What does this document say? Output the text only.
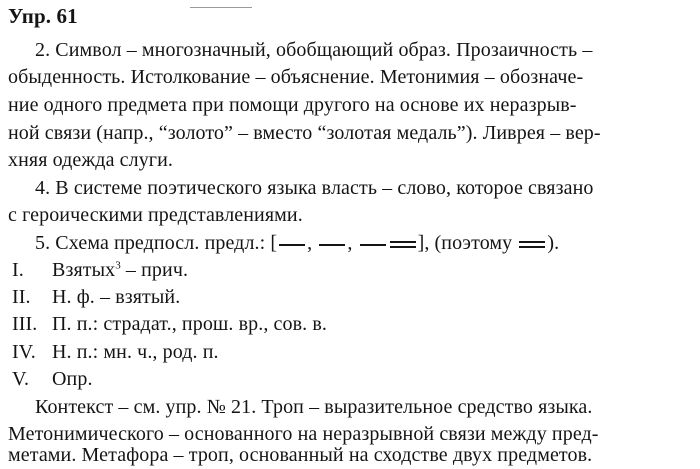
Упр. 61
2. Символ – многозначный, обобщающий образ. Прозаичность –
обыденность. Истолкование – объяснение. Метонимия – обозначе-
ние одного предмета при помощи другого на основе их неразрыв-
ной связи (напр., “золото” – вместо “золотая медаль”). Ливрея – вер-
хняя одежда слуги.
4. В системе поэтического языка власть – слово, которое связано
с героическими представлениями.
5. Схема предпосл. предл.: [ ,
,	], (поэтому
).
I. Взятых$^3$ – прич.
II. Н. ф. – взятый.
III. П. п.: страдат., прош. вр., сов. в.
IV. Н. п.: мн. ч., род. п.
V. Опр.
Контекст – см. упр. № 21. Троп – выразительное средство языка.
Метонимического – основанного на неразрывной связи между пред-
метами. Метафора – троп, основанный на сходстве двух предметов.
